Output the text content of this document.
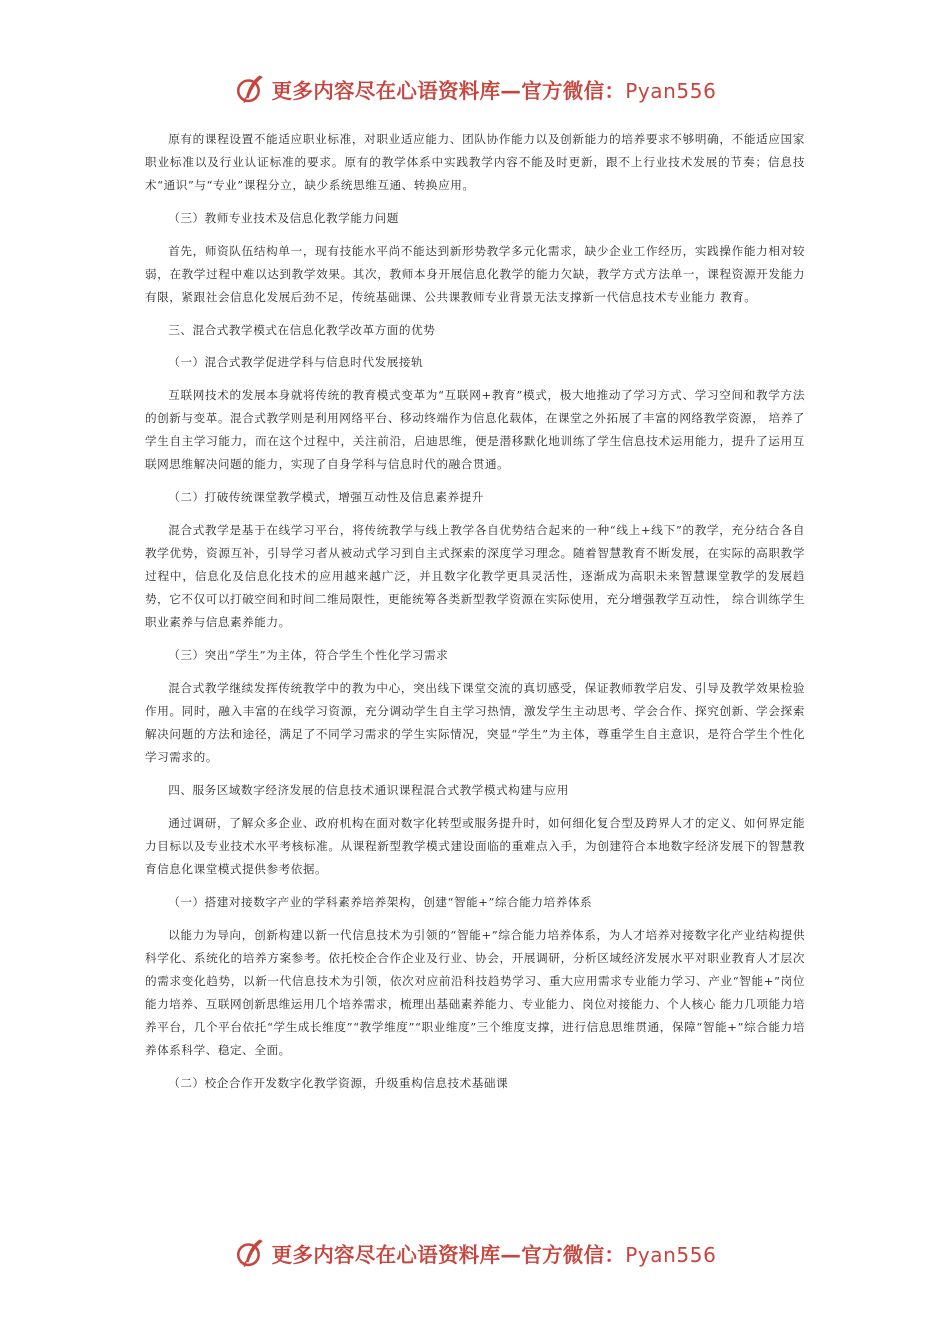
更多内容尽在心语资料库—官方微信：Pyan556

原有的课程设置不能适应职业标准，对职业适应能力、团队协作能力以及创新能力的培养要求不够明确，不能适应国家职业标准以及行业认证标准的要求。原有的教学体系中实践教学内容不能及时更新，跟不上行业技术发展的节奏；信息技术“通识”与“专业”课程分立，缺少系统思维互通、转换应用。

（三）教师专业技术及信息化教学能力问题

首先，师资队伍结构单一，现有技能水平尚不能达到新形势教学多元化需求，缺少企业工作经历，实践操作能力相对较弱，在教学过程中难以达到教学效果。其次，教师本身开展信息化教学的能力欠缺，教学方式方法单一，课程资源开发能力有限，紧跟社会信息化发展后劲不足，传统基础课、公共课教师专业背景无法支撑新一代信息技术专业能力 教育。

三、混合式教学模式在信息化教学改革方面的优势

（一）混合式教学促进学科与信息时代发展接轨

互联网技术的发展本身就将传统的教育模式变革为“互联网+教育”模式，极大地推动了学习方式、学习空间和教学方法的创新与变革。混合式教学则是利用网络平台、移动终端作为信息化载体，在课堂之外拓展了丰富的网络教学资源， 培养了学生自主学习能力，而在这个过程中，关注前沿，启迪思维，便是潜移默化地训练了学生信息技术运用能力，提升了运用互联网思维解决问题的能力，实现了自身学科与信息时代的融合贯通。

（二）打破传统课堂教学模式，增强互动性及信息素养提升

混合式教学是基于在线学习平台，将传统教学与线上教学各自优势结合起来的一种“线上+线下”的教学，充分结合各自教学优势，资源互补，引导学习者从被动式学习到自主式探索的深度学习理念。随着智慧教育不断发展，在实际的高职教学过程中，信息化及信息化技术的应用越来越广泛，并且数字化教学更具灵活性，逐渐成为高职未来智慧课堂教学的发展趋势，它不仅可以打破空间和时间二维局限性，更能统筹各类新型教学资源在实际使用，充分增强教学互动性， 综合训练学生职业素养与信息素养能力。

（三）突出“学生”为主体，符合学生个性化学习需求

混合式教学继续发挥传统教学中的教为中心，突出线下课堂交流的真切感受，保证教师教学启发、引导及教学效果检验作用。同时，融入丰富的在线学习资源，充分调动学生自主学习热情，激发学生主动思考、学会合作、探究创新、学会探索解决问题的方法和途径，满足了不同学习需求的学生实际情况，突显“学生”为主体，尊重学生自主意识，是符合学生个性化学习需求的。

四、服务区域数字经济发展的信息技术通识课程混合式教学模式构建与应用

通过调研，了解众多企业、政府机构在面对数字化转型或服务提升时，如何细化复合型及跨界人才的定义、如何界定能力目标以及专业技术水平考核标准。从课程新型教学模式建设面临的重难点入手，为创建符合本地数字经济发展下的智慧教育信息化课堂模式提供参考依据。

（一）搭建对接数字产业的学科素养培养架构，创建“智能+”综合能力培养体系

以能力为导向，创新构建以新一代信息技术为引领的“智能+”综合能力培养体系，为人才培养对接数字化产业结构提供科学化、系统化的培养方案参考。依托校企合作企业及行业、协会，开展调研，分析区域经济发展水平对职业教育人才层次的需求变化趋势，以新一代信息技术为引领，依次对应前沿科技趋势学习、重大应用需求专业能力学习、产业“智能+”岗位能力培养、互联网创新思维运用几个培养需求，梳理出基础素养能力、专业能力、岗位对接能力、个人核心 能力几项能力培养平台，几个平台依托“学生成长维度”“教学维度”“职业维度”三个维度支撑，进行信息思维贯通，保障“智能+”综合能力培养体系科学、稳定、全面。

（二）校企合作开发数字化教学资源，升级重构信息技术基础课

更多内容尽在心语资料库—官方微信：Pyan556
